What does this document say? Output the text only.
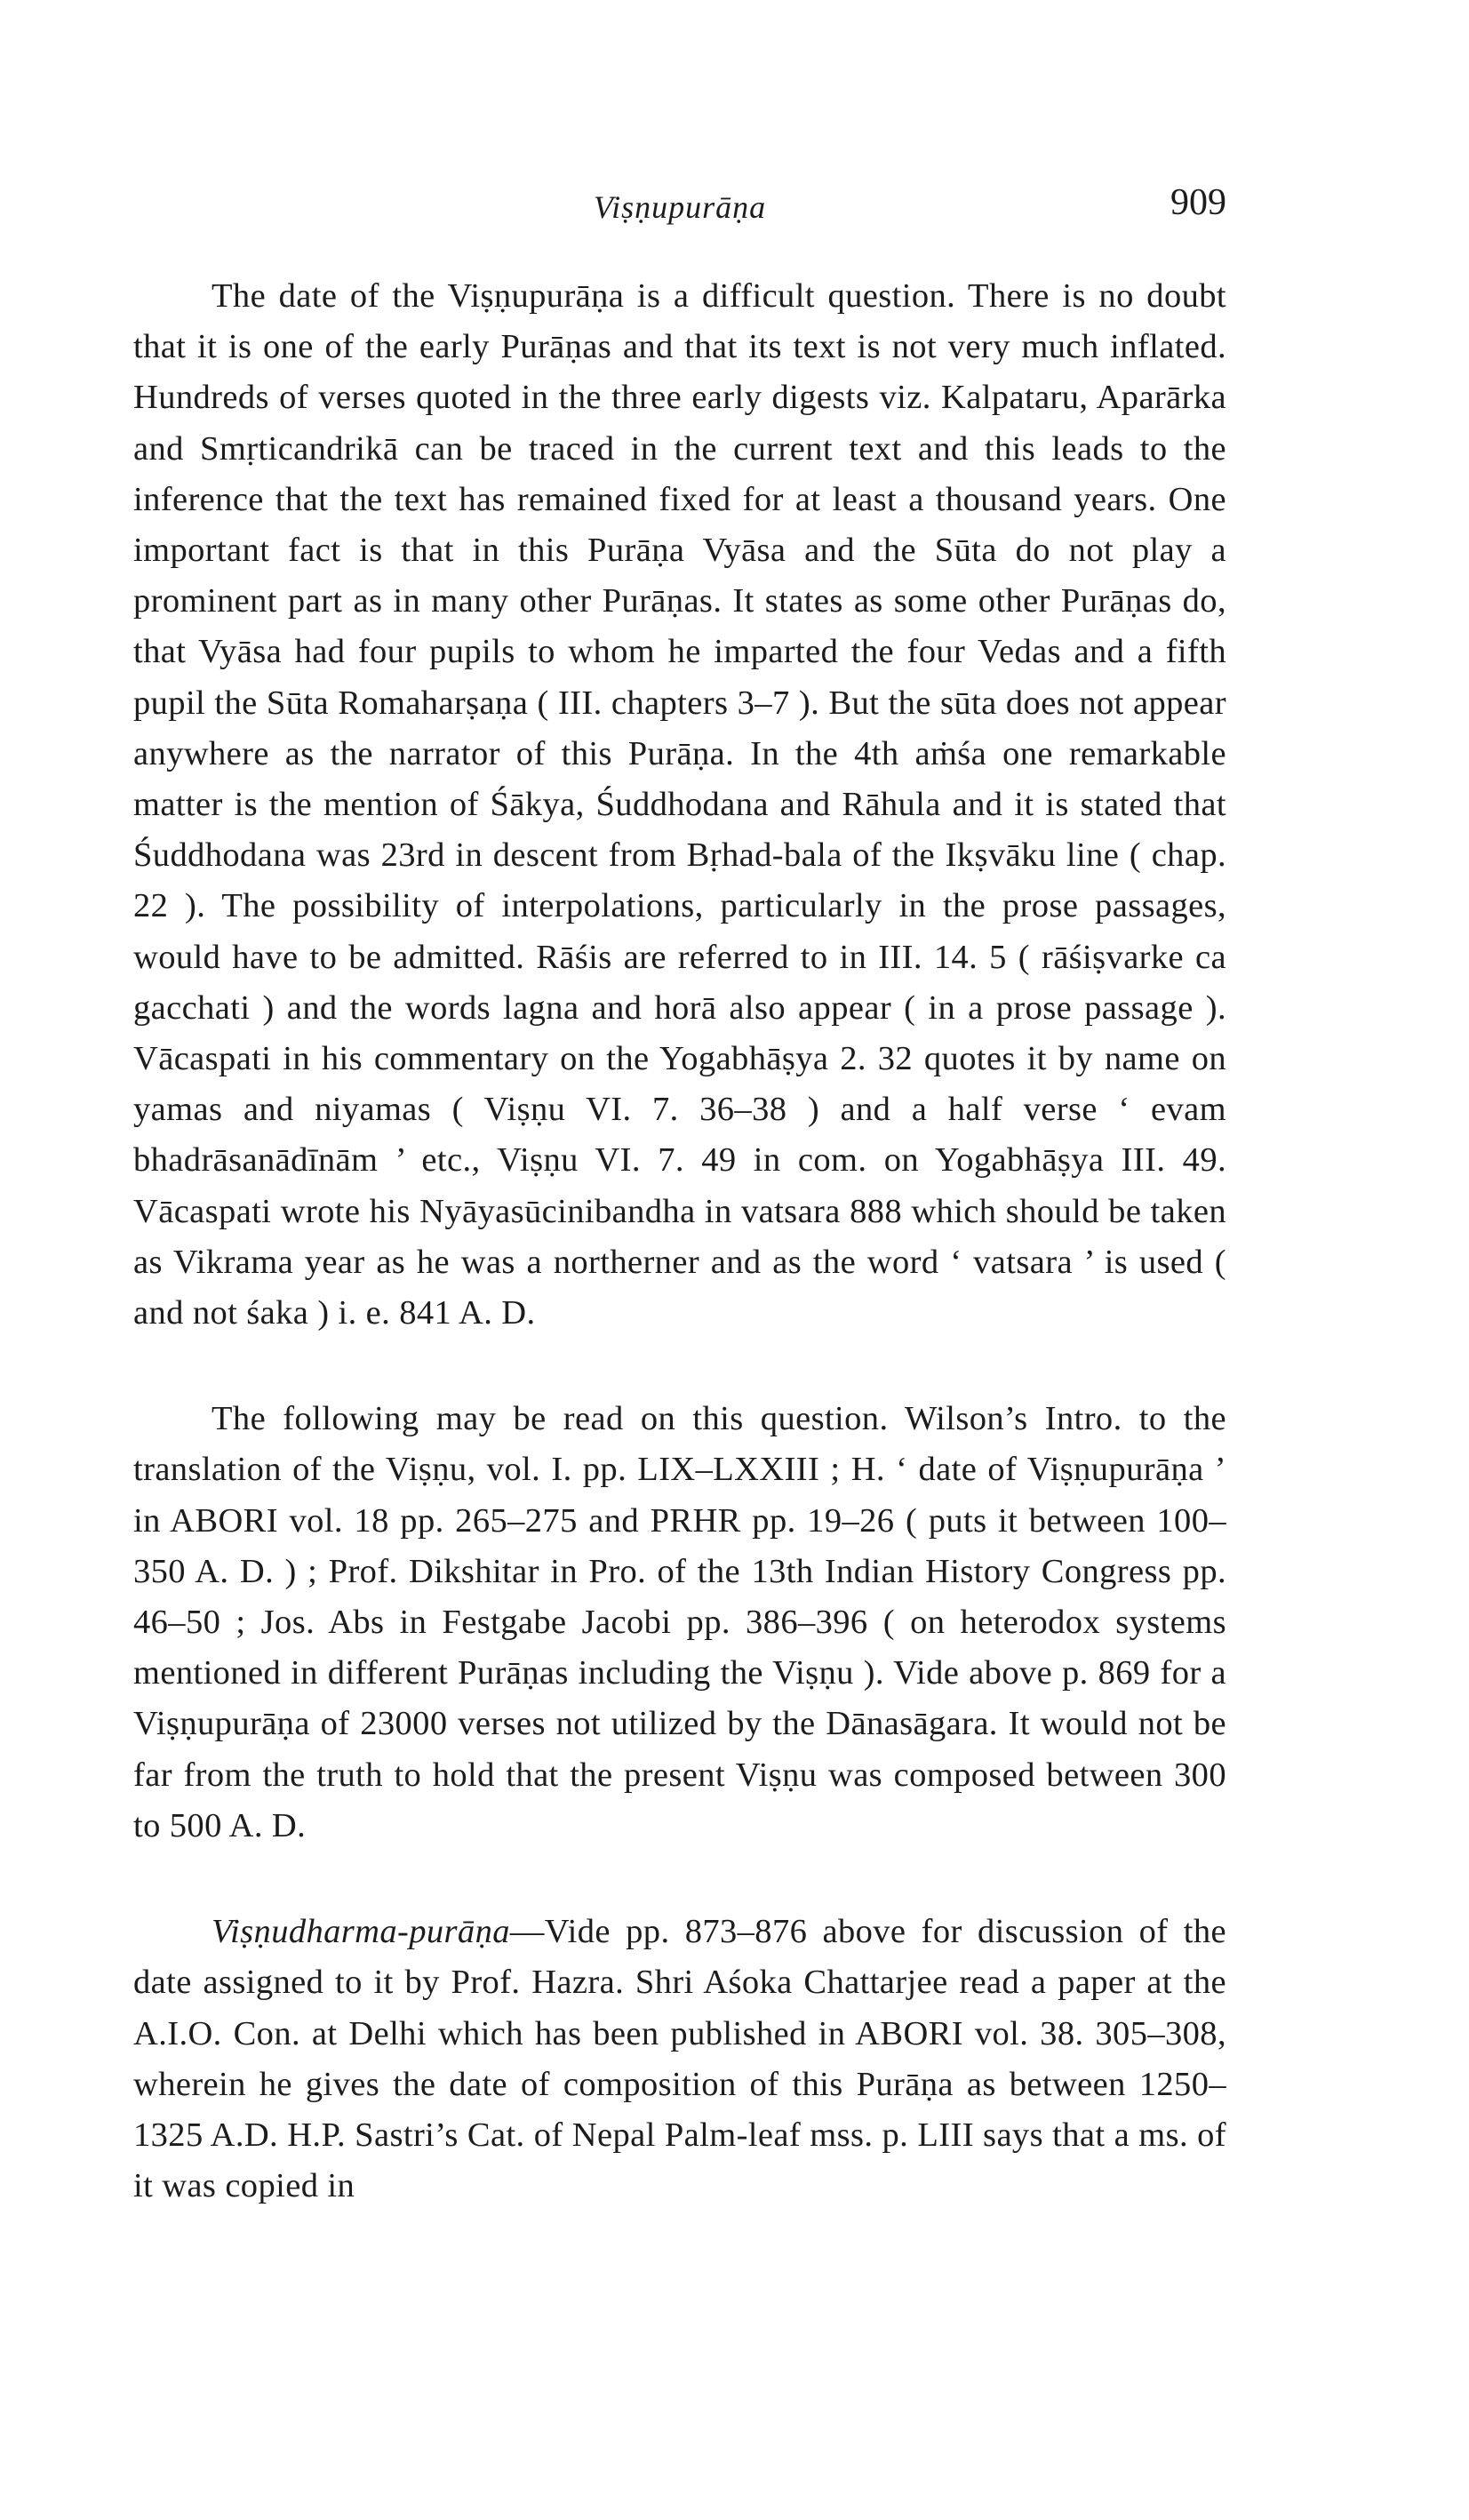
Viṣṇupurāṇa	909

The date of the Viṣṇupurāṇa is a difficult question. There is no doubt that it is one of the early Purāṇas and that its text is not very much inflated. Hundreds of verses quoted in the three early digests viz. Kalpataru, Aparārka and Smṛticandrikā can be traced in the current text and this leads to the inference that the text has remained fixed for at least a thousand years. One important fact is that in this Purāṇa Vyāsa and the Sūta do not play a prominent part as in many other Purāṇas. It states as some other Purāṇas do, that Vyāsa had four pupils to whom he imparted the four Vedas and a fifth pupil the Sūta Romaharṣaṇa ( III. chapters 3–7 ). But the sūta does not appear anywhere as the narrator of this Purāṇa. In the 4th aṁśa one remarkable matter is the mention of Śākya, Śuddhodana and Rāhula and it is stated that Śuddhodana was 23rd in descent from Bṛhad-bala of the Ikṣvāku line ( chap. 22 ). The possibility of interpolations, particularly in the prose passages, would have to be admitted. Rāśis are referred to in III. 14. 5 ( rāśiṣvarke ca gacchati ) and the words lagna and horā also appear ( in a prose passage ). Vācaspati in his commentary on the Yogabhāṣya 2. 32 quotes it by name on yamas and niyamas ( Viṣṇu VI. 7. 36–38 ) and a half verse ‘ evam bhadrāsanādīnām ’ etc., Viṣṇu VI. 7. 49 in com. on Yogabhāṣya III. 49. Vācaspati wrote his Nyāyasūcinibandha in vatsara 888 which should be taken as Vikrama year as he was a northerner and as the word ‘ vatsara ’ is used ( and not śaka ) i. e. 841 A. D.

The following may be read on this question. Wilson’s Intro. to the translation of the Viṣṇu, vol. I. pp. LIX–LXXIII ; H. ‘ date of Viṣṇupurāṇa ’ in ABORI vol. 18 pp. 265–275 and PRHR pp. 19–26 ( puts it between 100–350 A. D. ) ; Prof. Dikshitar in Pro. of the 13th Indian History Congress pp. 46–50 ; Jos. Abs in Festgabe Jacobi pp. 386–396 ( on heterodox systems mentioned in different Purāṇas including the Viṣṇu ). Vide above p. 869 for a Viṣṇupurāṇa of 23000 verses not utilized by the Dānasāgara. It would not be far from the truth to hold that the present Viṣṇu was composed between 300 to 500 A. D.

Viṣṇudharma-purāṇa—Vide pp. 873–876 above for discussion of the date assigned to it by Prof. Hazra. Shri Aśoka Chattarjee read a paper at the A.I.O. Con. at Delhi which has been published in ABORI vol. 38. 305–308, wherein he gives the date of composition of this Purāṇa as between 1250–1325 A.D. H.P. Sastri’s Cat. of Nepal Palm-leaf mss. p. LIII says that a ms. of it was copied in
